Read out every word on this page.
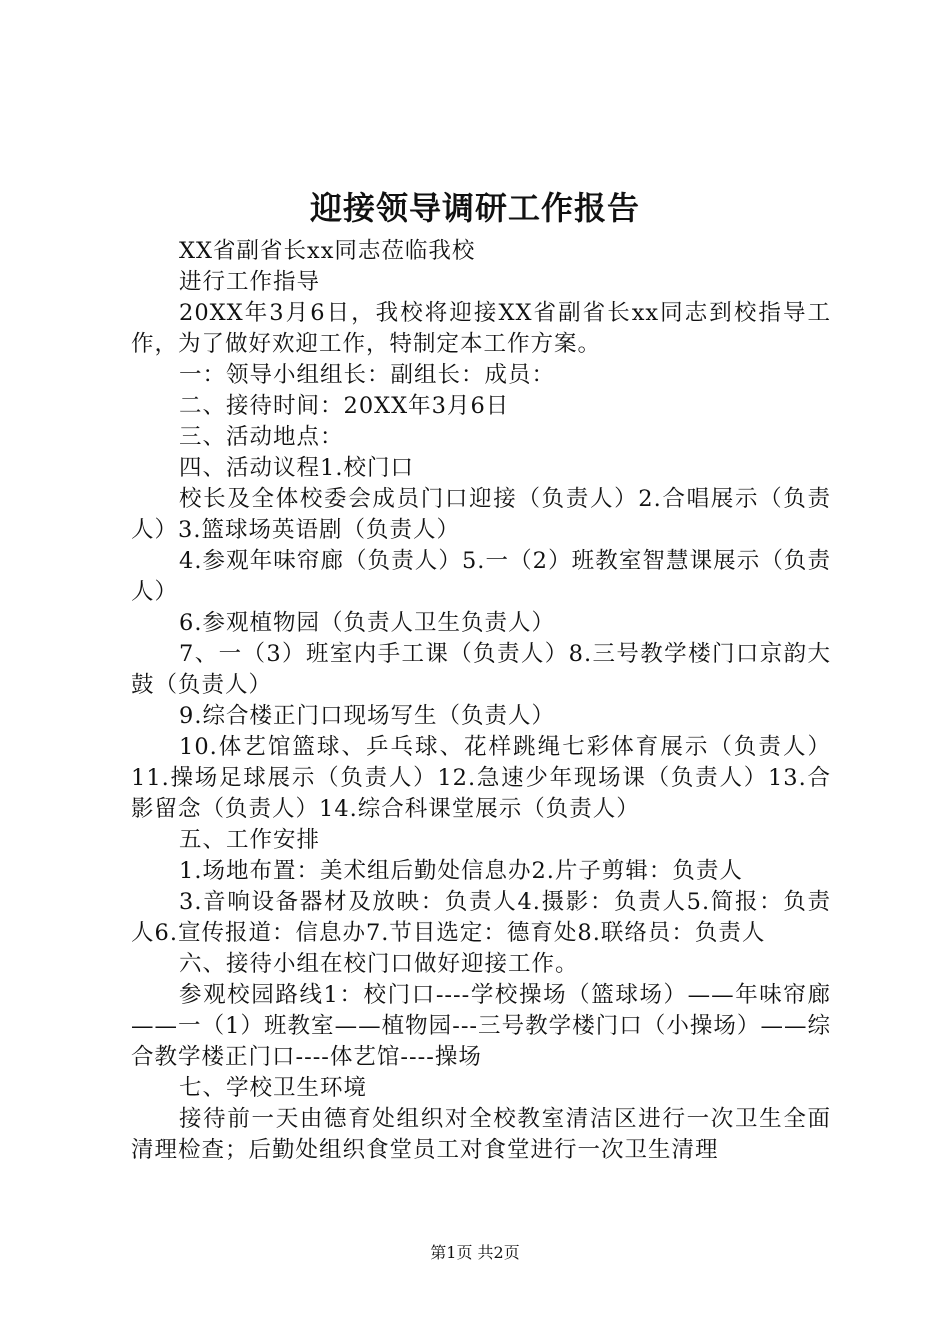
迎接领导调研工作报告

XX省副省长xx同志莅临我校

进行工作指导

20XX年3月6日，我校将迎接XX省副省长xx同志到校指导工作，为了做好欢迎工作，特制定本工作方案。

一：领导小组组长：副组长：成员：

二、接待时间：20XX年3月6日

三、活动地点：

四、活动议程1.校门口

校长及全体校委会成员门口迎接（负责人）2.合唱展示（负责人）3.篮球场英语剧（负责人）

4.参观年味帘廊（负责人）5.一（2）班教室智慧课展示（负责人）

6.参观植物园（负责人卫生负责人）

7、一（3）班室内手工课（负责人）8.三号教学楼门口京韵大鼓（负责人）

9.综合楼正门口现场写生（负责人）

10.体艺馆篮球、乒乓球、花样跳绳七彩体育展示（负责人）11.操场足球展示（负责人）12.急速少年现场课（负责人）13.合影留念（负责人）14.综合科课堂展示（负责人）

五、工作安排

1.场地布置：美术组后勤处信息办2.片子剪辑：负责人

3.音响设备器材及放映：负责人4.摄影：负责人5.简报：负责人6.宣传报道：信息办7.节目选定：德育处8.联络员：负责人

六、接待小组在校门口做好迎接工作。

参观校园路线1：校门口----学校操场（篮球场）——年味帘廊——一（1）班教室——植物园---三号教学楼门口（小操场）——综合教学楼正门口----体艺馆----操场

七、学校卫生环境

接待前一天由德育处组织对全校教室清洁区进行一次卫生全面清理检查；后勤处组织食堂员工对食堂进行一次卫生清理

第1页 共2页
